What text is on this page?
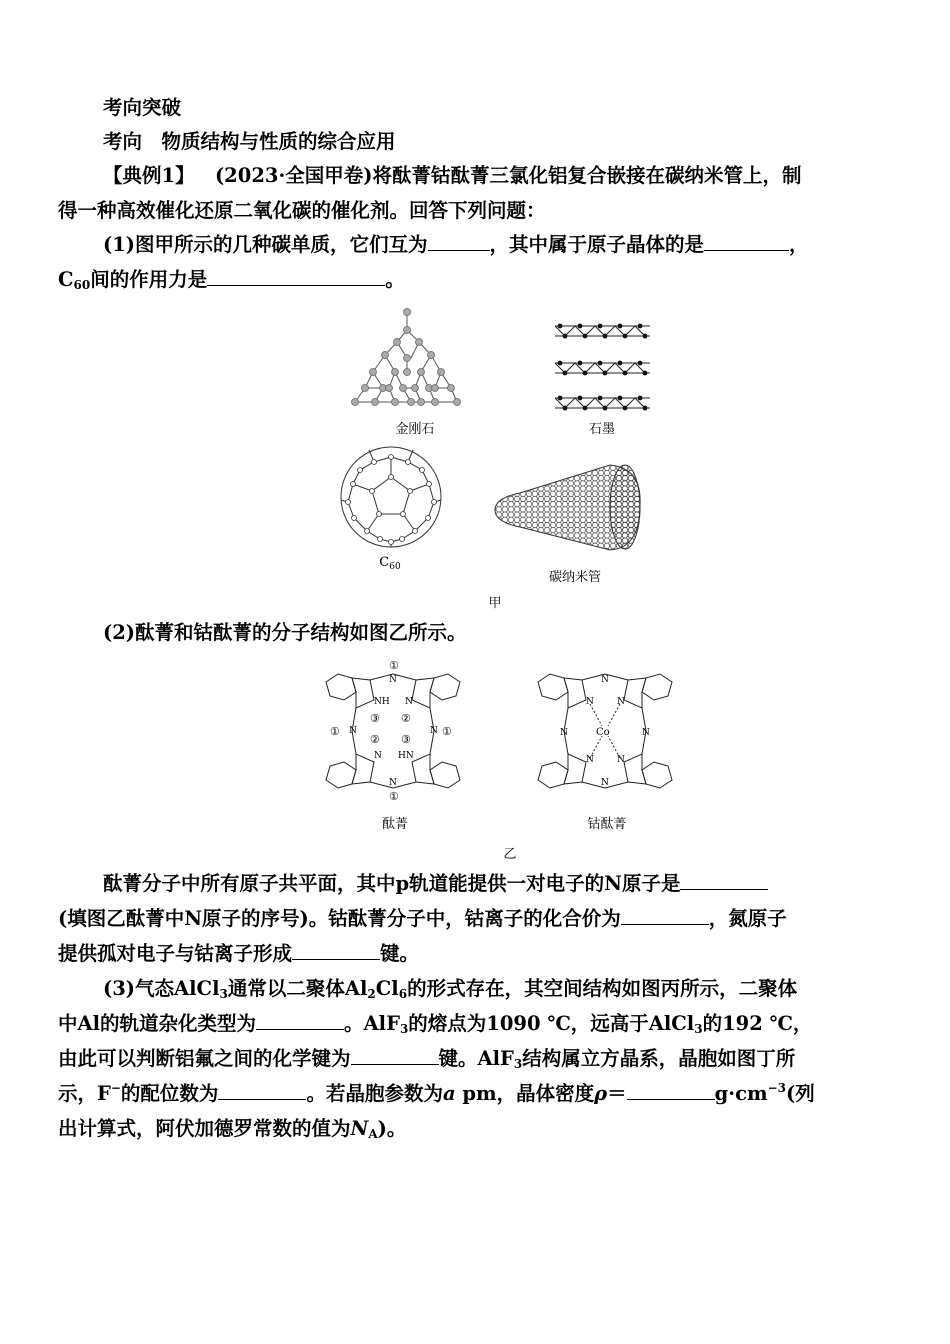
考向突破
考向　物质结构与性质的综合应用
【典例1】 (2023·全国甲卷)将酞菁钴酞菁三氯化铝复合嵌接在碳纳米管上，制
得一种高效催化还原二氧化碳的催化剂。回答下列问题：
(1)图甲所示的几种碳单质，它们互为	，其中属于原子晶体的是	，
$C_{60}$间的作用力是	。
金刚石	石墨
$C_{60}$
碳纳米管
甲
(2)酞菁和钴酞菁的分子结构如图乙所示。
①
N
NH
③
N
②
① N
②
N
③
HN
N ①
N
①
酞菁
N
N	N
N	Co	N
N	N
N
钴酞菁
乙
酞菁分子中所有原子共平面，其中p轨道能提供一对电子的N原子是
(填图乙酞菁中N原子的序号)。钴酞菁分子中，钴离子的化合价为	，氮原子
提供孤对电子与钴离子形成	键。
(3)气态AlCl$_3$通常以二聚体$Al_2Cl_6$的形式存在，其空间结构如图丙所示，二聚体
中Al的轨道杂化类型为	。AlF$_3$的熔点为1090 ℃，远高于AlCl$_3$的192 ℃，
由此可以判断铝氟之间的化学键为	键。AlF$_3$结构属立方晶系，晶胞如图丁所
示，F−的配位数为	。若晶胞参数为a pm，晶体密度ρ＝	$g\cdot cm^{-3}$(列
出计算式，阿伏加德罗常数的值为$N_A$)。
